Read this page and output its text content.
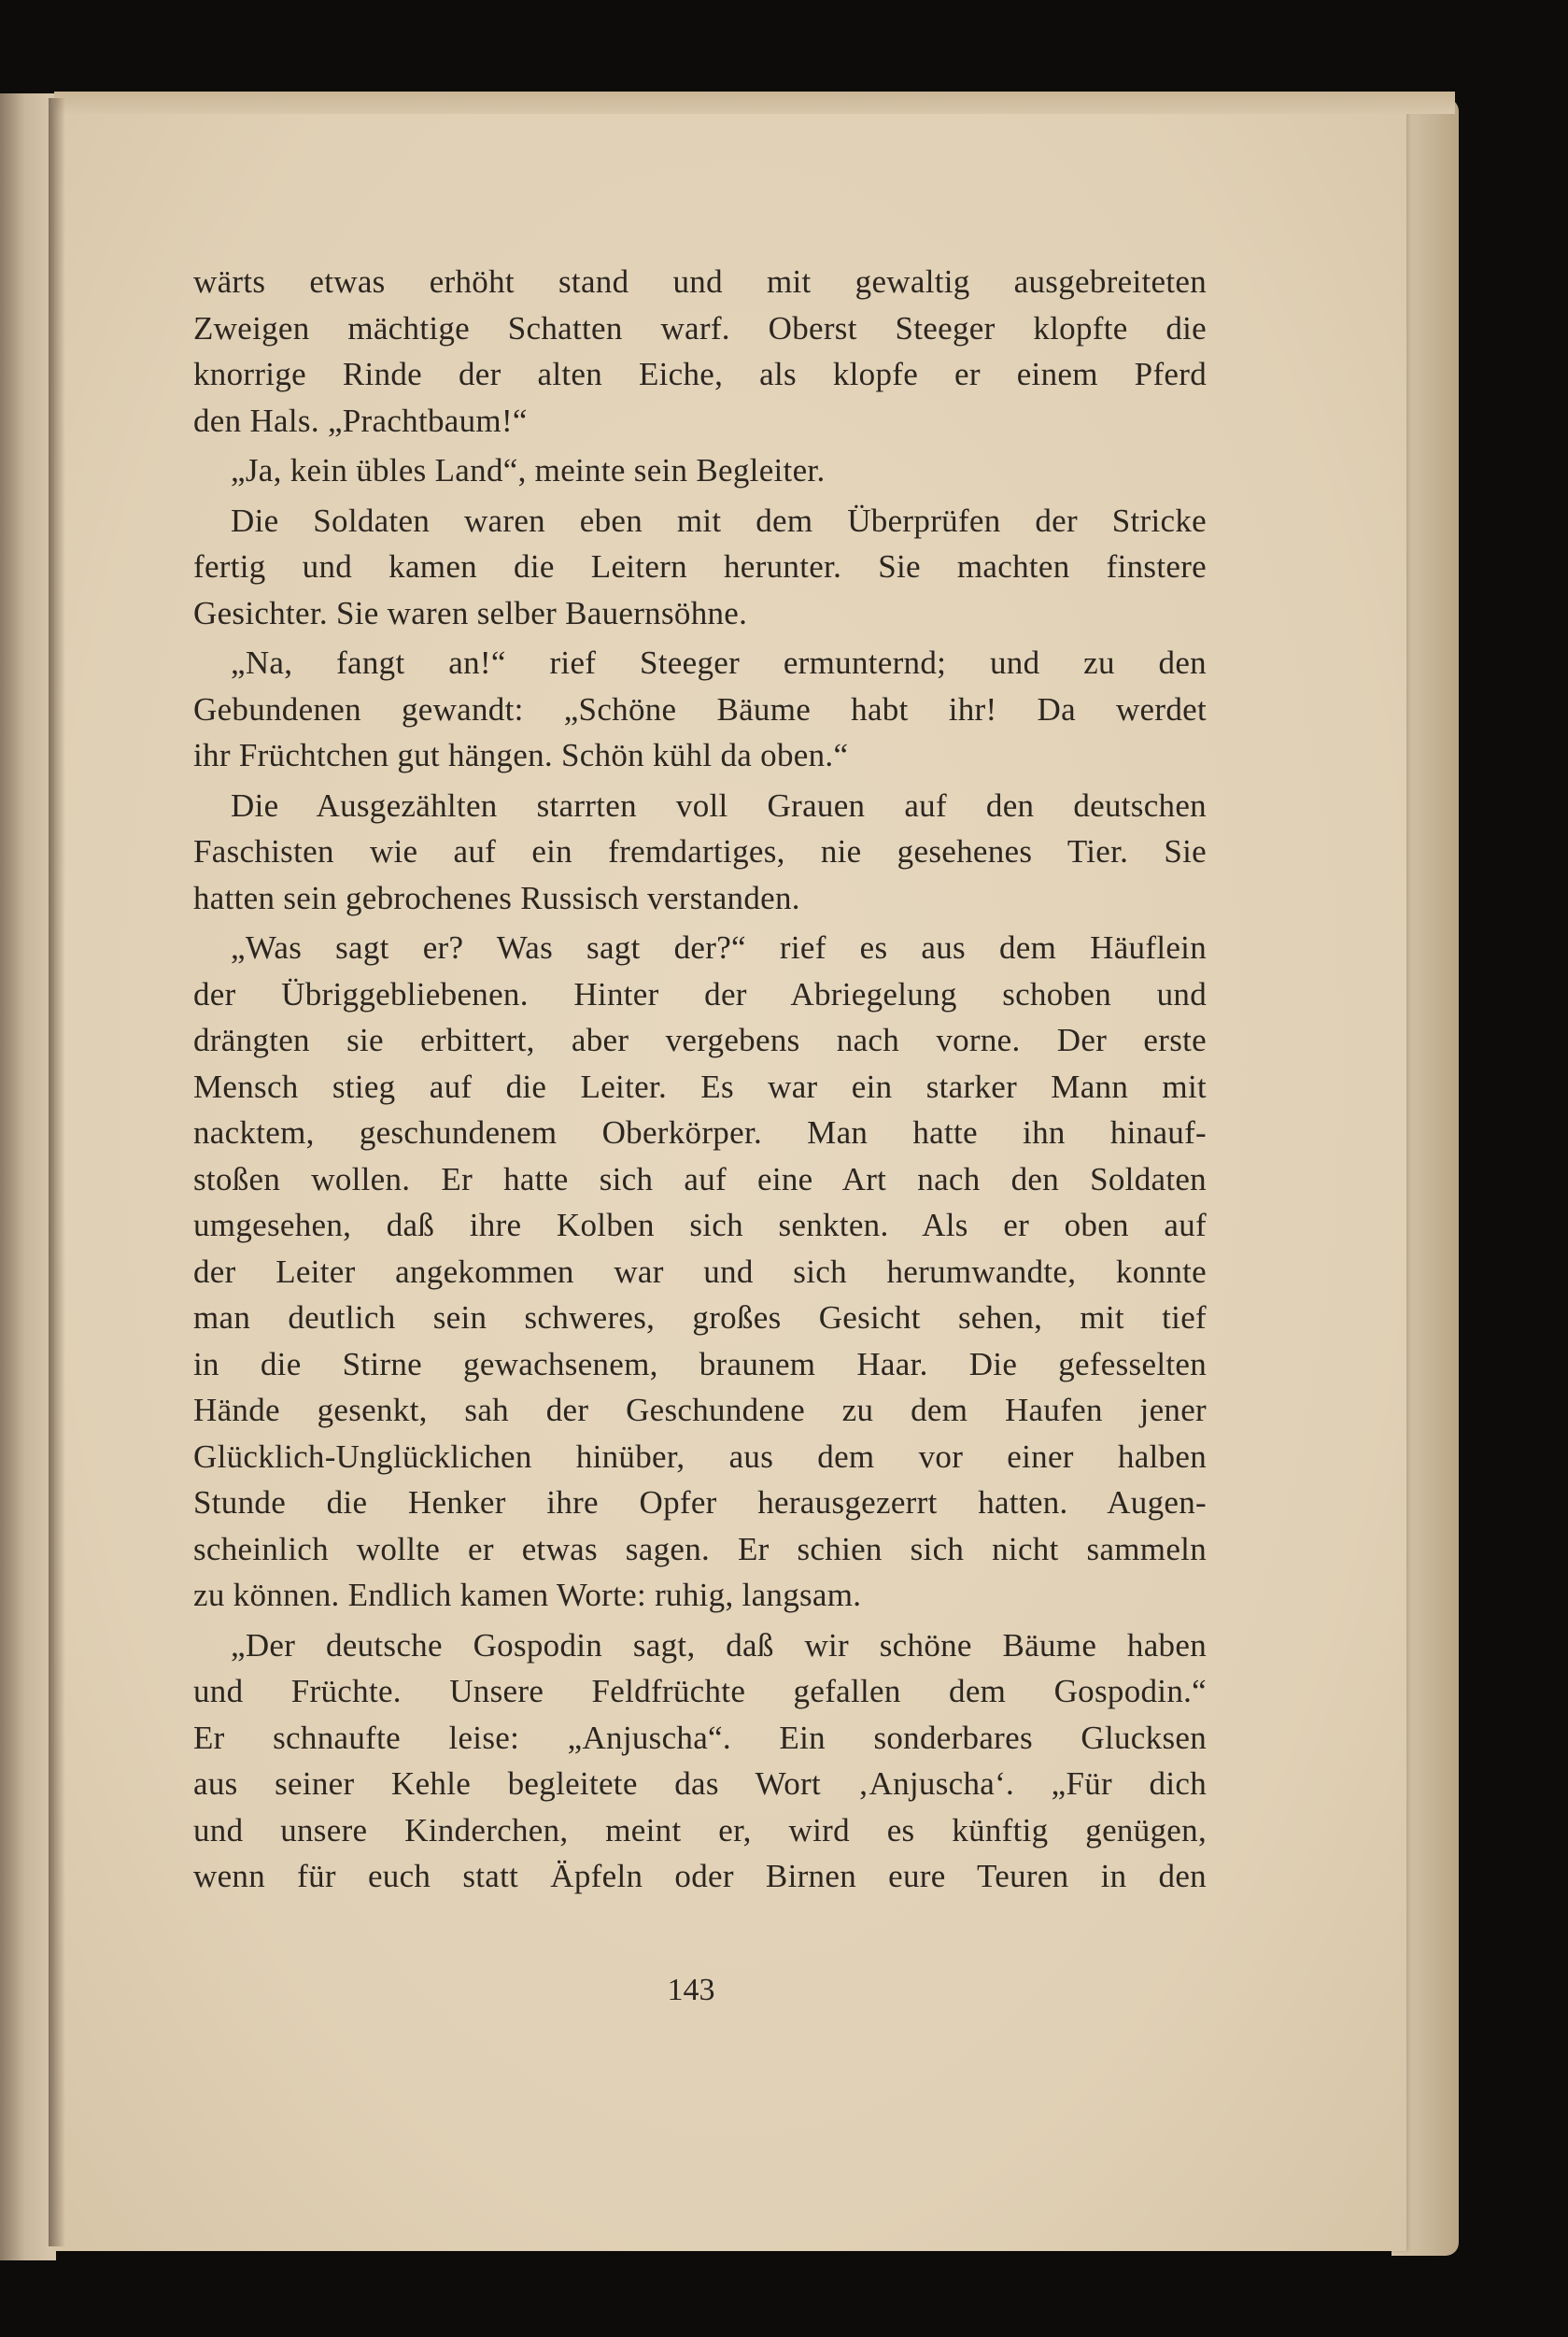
wärts etwas erhöht stand und mit gewaltig ausgebreiteten
Zweigen mächtige Schatten warf. Oberst Steeger klopfte die
knorrige Rinde der alten Eiche, als klopfe er einem Pferd
den Hals. „Prachtbaum!“
„Ja, kein übles Land“, meinte sein Begleiter.
Die Soldaten waren eben mit dem Überprüfen der Stricke
fertig und kamen die Leitern herunter. Sie machten finstere
Gesichter. Sie waren selber Bauernsöhne.
„Na, fangt an!“ rief Steeger ermunternd; und zu den
Gebundenen gewandt: „Schöne Bäume habt ihr! Da werdet
ihr Früchtchen gut hängen. Schön kühl da oben.“
Die Ausgezählten starrten voll Grauen auf den deutschen
Faschisten wie auf ein fremdartiges, nie gesehenes Tier. Sie
hatten sein gebrochenes Russisch verstanden.
„Was sagt er? Was sagt der?“ rief es aus dem Häuflein
der Übriggebliebenen. Hinter der Abriegelung schoben und
drängten sie erbittert, aber vergebens nach vorne. Der erste
Mensch stieg auf die Leiter. Es war ein starker Mann mit
nacktem, geschundenem Oberkörper. Man hatte ihn hinauf-
stoßen wollen. Er hatte sich auf eine Art nach den Soldaten
umgesehen, daß ihre Kolben sich senkten. Als er oben auf
der Leiter angekommen war und sich herumwandte, konnte
man deutlich sein schweres, großes Gesicht sehen, mit tief
in die Stirne gewachsenem, braunem Haar. Die gefesselten
Hände gesenkt, sah der Geschundene zu dem Haufen jener
Glücklich-Unglücklichen hinüber, aus dem vor einer halben
Stunde die Henker ihre Opfer herausgezerrt hatten. Augen-
scheinlich wollte er etwas sagen. Er schien sich nicht sammeln
zu können. Endlich kamen Worte: ruhig, langsam.
„Der deutsche Gospodin sagt, daß wir schöne Bäume haben
und Früchte. Unsere Feldfrüchte gefallen dem Gospodin.“
Er schnaufte leise: „Anjuscha“. Ein sonderbares Glucksen
aus seiner Kehle begleitete das Wort ‚Anjuscha‘. „Für dich
und unsere Kinderchen, meint er, wird es künftig genügen,
wenn für euch statt Äpfeln oder Birnen eure Teuren in den
143
